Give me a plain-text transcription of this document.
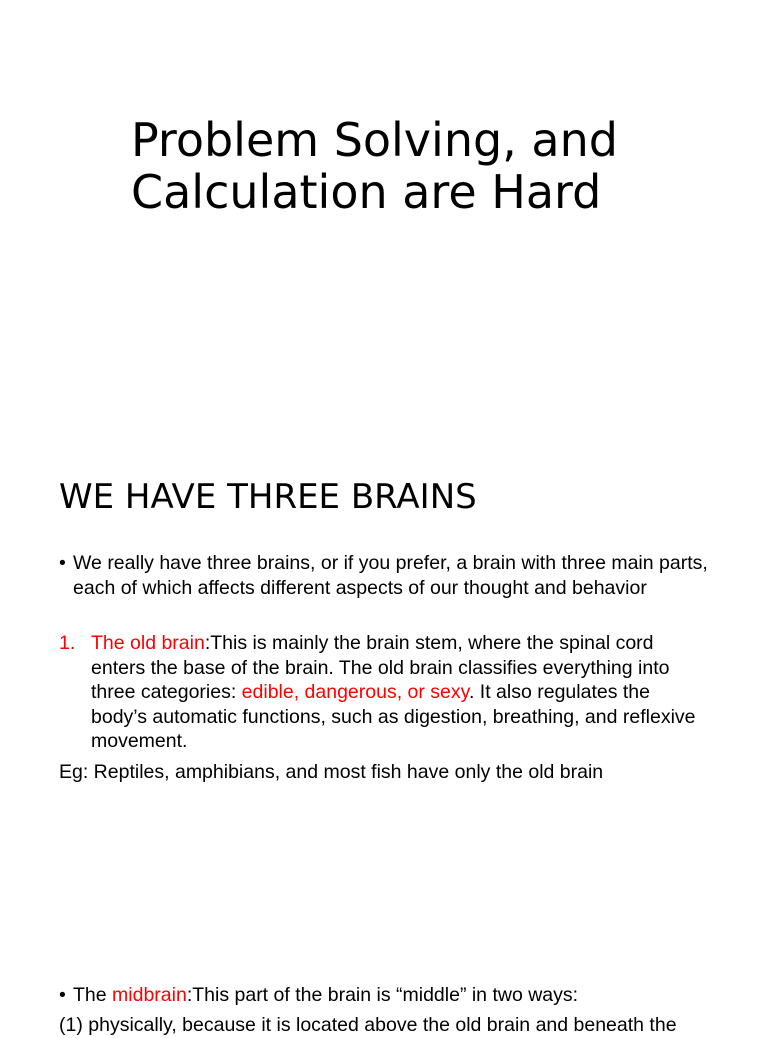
Problem Solving, and
Calculation are Hard
WE HAVE THREE BRAINS
• We really have three brains, or if you prefer, a brain with three main parts, each of which affects different aspects of our thought and behavior
1. The old brain:This is mainly the brain stem, where the spinal cord enters the base of the brain. The old brain classifies everything into three categories: edible, dangerous, or sexy. It also regulates the body’s automatic functions, such as digestion, breathing, and reflexive movement.
Eg: Reptiles, amphibians, and most fish have only the old brain
• The midbrain:This part of the brain is “middle” in two ways:
(1) physically, because it is located above the old brain and beneath the
